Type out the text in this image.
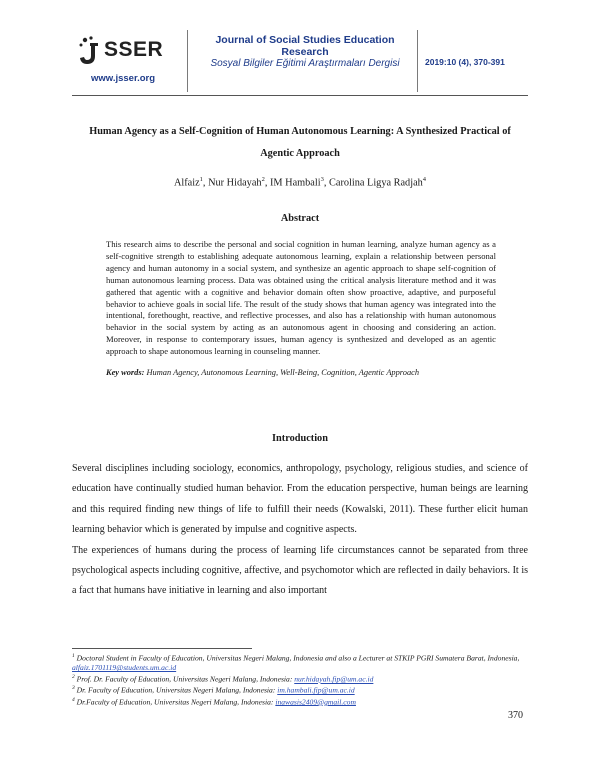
SSER
www.jsser.org
Journal of Social Studies Education Research
Sosyal Bilgiler Eğitimi Araştırmaları Dergisi	2019:10 (4), 370-391
Human Agency as a Self-Cognition of Human Autonomous Learning: A Synthesized Practical of Agentic Approach
Alfaiz$^1$, Nur Hidayah$^2$, IM Hambali$^3$, Carolina Ligya Radjah$^4$
Abstract
This research aims to describe the personal and social cognition in human learning, analyze human agency as a self-cognitive strength to establishing adequate autonomous learning, explain a relationship between personal agency and human autonomy in a social system, and synthesize an agentic approach to shape self-cognition of human autonomous learning process. Data was obtained using the critical analysis literature method and it was gathered that agentic with a cognitive and behavior domain often show proactive, adaptive, and purposeful behavior to achieve goals in social life. The result of the study shows that human agency was integrated into the intentional, forethought, reactive, and reflective processes, and also has a relationship with human autonomous behavior in the social system by acting as an autonomous agent in choosing and considering an action. Moreover, in response to contemporary issues, human agency is synthesized and developed as an agentic approach to shape autonomous learning in counseling manner.
Key words: Human Agency, Autonomous Learning, Well-Being, Cognition, Agentic Approach
Introduction

Several disciplines including sociology, economics, anthropology, psychology, religious studies, and science of education have continually studied human behavior. From the education perspective, human beings are learning and this required finding new things of life to fulfill their needs (Kowalski, 2011). These further elicit human learning behavior which is generated by impulse and cognitive aspects.

The experiences of humans during the process of learning life circumstances cannot be separated from three psychological aspects including cognitive, affective, and psychomotor which are reflected in daily behaviors. It is a fact that humans have initiative in learning and also important

$^1$ Doctoral Student in Faculty of Education, Universitas Negeri Malang, Indonesia and also a Lecturer at STKIP PGRI Sumatera Barat, Indonesia, alfaiz.1701119@students.um.ac.id
$^2$ Prof. Dr. Faculty of Education, Universitas Negeri Malang, Indonesia: nur.hidayah.fip@um.ac.id
$^3$ Dr. Faculty of Education, Universitas Negeri Malang, Indonesia: im.hambali.fip@um.ac.id
$^4$ Dr.Faculty of Education, Universitas Negeri Malang, Indonesia: inawasis2409@gmail.com
370
